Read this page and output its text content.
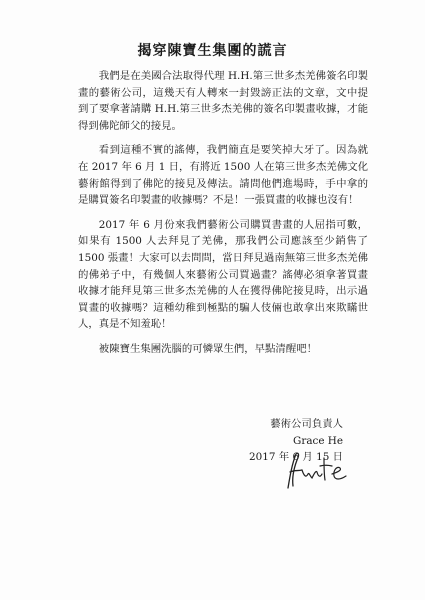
揭穿陳寶生集團的謊言

我們是在美國合法取得代理 H.H.第三世多杰羌佛簽名印製畫的藝術公司，這幾天有人轉來一封毀謗正法的文章，文中提到了要拿著請購 H.H.第三世多杰羌佛的簽名印製畫收據，才能得到佛陀師父的接見。

看到這種不實的謠傳，我們簡直是要笑掉大牙了。因為就在 2017 年 6 月 1 日，有將近 1500 人在第三世多杰羌佛文化藝術館得到了佛陀的接見及傳法。請問他們進場時，手中拿的是購買簽名印製畫的收據嗎？不是！一張買畫的收據也沒有！

2017 年 6 月份來我們藝術公司購買書畫的人屈指可數，如果有 1500 人去拜見了羌佛，那我們公司應該至少銷售了 1500 張畫！大家可以去問問，當日拜見過南無第三世多杰羌佛的佛弟子中，有幾個人來藝術公司買過畫？謠傳必須拿著買畫收據才能拜見第三世多杰羌佛的人在獲得佛陀接見時，出示過買畫的收據嗎？這種幼稚到極點的騙人伎倆也敢拿出來欺瞞世人，真是不知羞恥！

被陳寶生集團洗腦的可憐眾生們，早點清醒吧！

藝術公司負責人
Grace He
2017 年 6 月 15 日
